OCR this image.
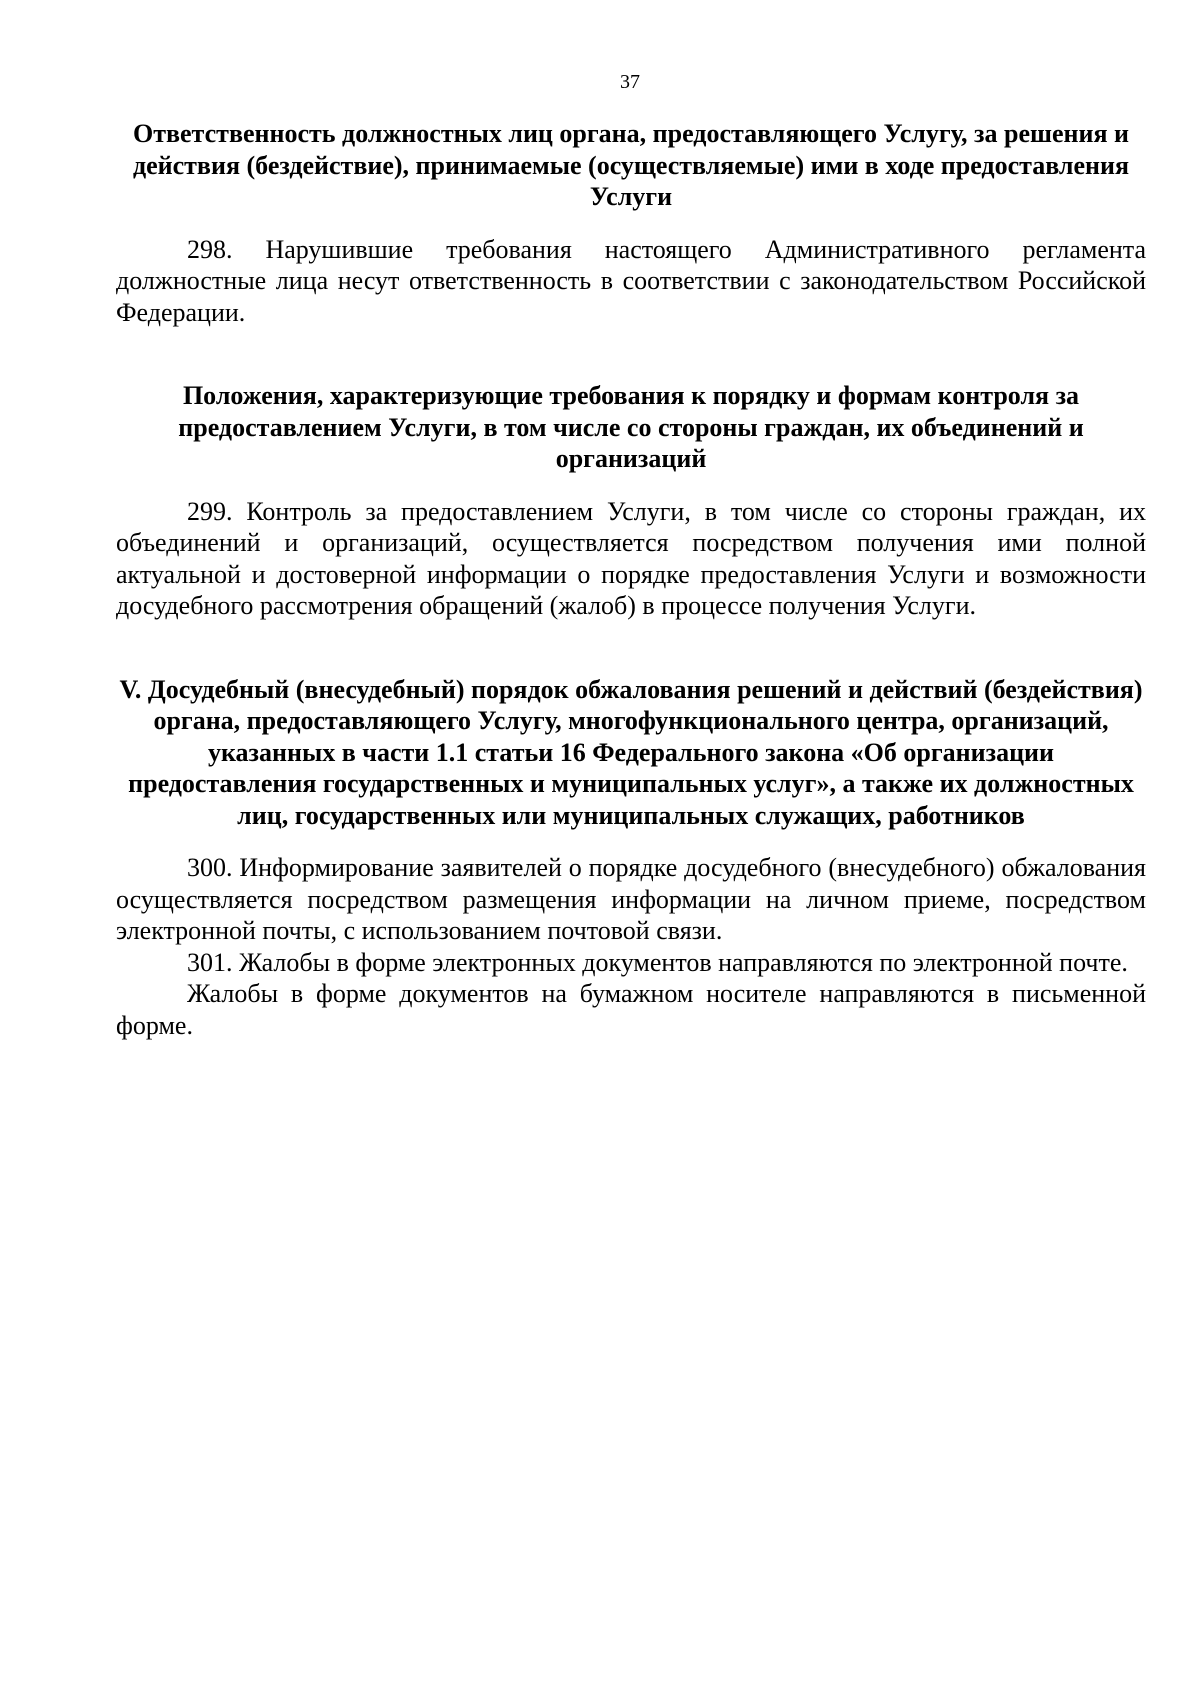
37
Ответственность должностных лиц органа, предоставляющего Услугу, за решения и действия (бездействие), принимаемые (осуществляемые) ими в ходе предоставления Услуги

298. Нарушившие требования настоящего Административного регламента должностные лица несут ответственность в соответствии с законодательством Российской Федерации.

Положения, характеризующие требования к порядку и формам контроля за предоставлением Услуги, в том числе со стороны граждан, их объединений и организаций

299. Контроль за предоставлением Услуги, в том числе со стороны граждан, их объединений и организаций, осуществляется посредством получения ими полной актуальной и достоверной информации о порядке предоставления Услуги и возможности досудебного рассмотрения обращений (жалоб) в процессе получения Услуги.

V. Досудебный (внесудебный) порядок обжалования решений и действий (бездействия) органа, предоставляющего Услугу, многофункционального центра, организаций, указанных в части 1.1 статьи 16 Федерального закона «Об организации предоставления государственных и муниципальных услуг», а также их должностных лиц, государственных или муниципальных служащих, работников

300. Информирование заявителей о порядке досудебного (внесудебного) обжалования осуществляется посредством размещения информации на личном приеме, посредством электронной почты, с использованием почтовой связи.

301. Жалобы в форме электронных документов направляются по электронной почте.

Жалобы в форме документов на бумажном носителе направляются в письменной форме.
